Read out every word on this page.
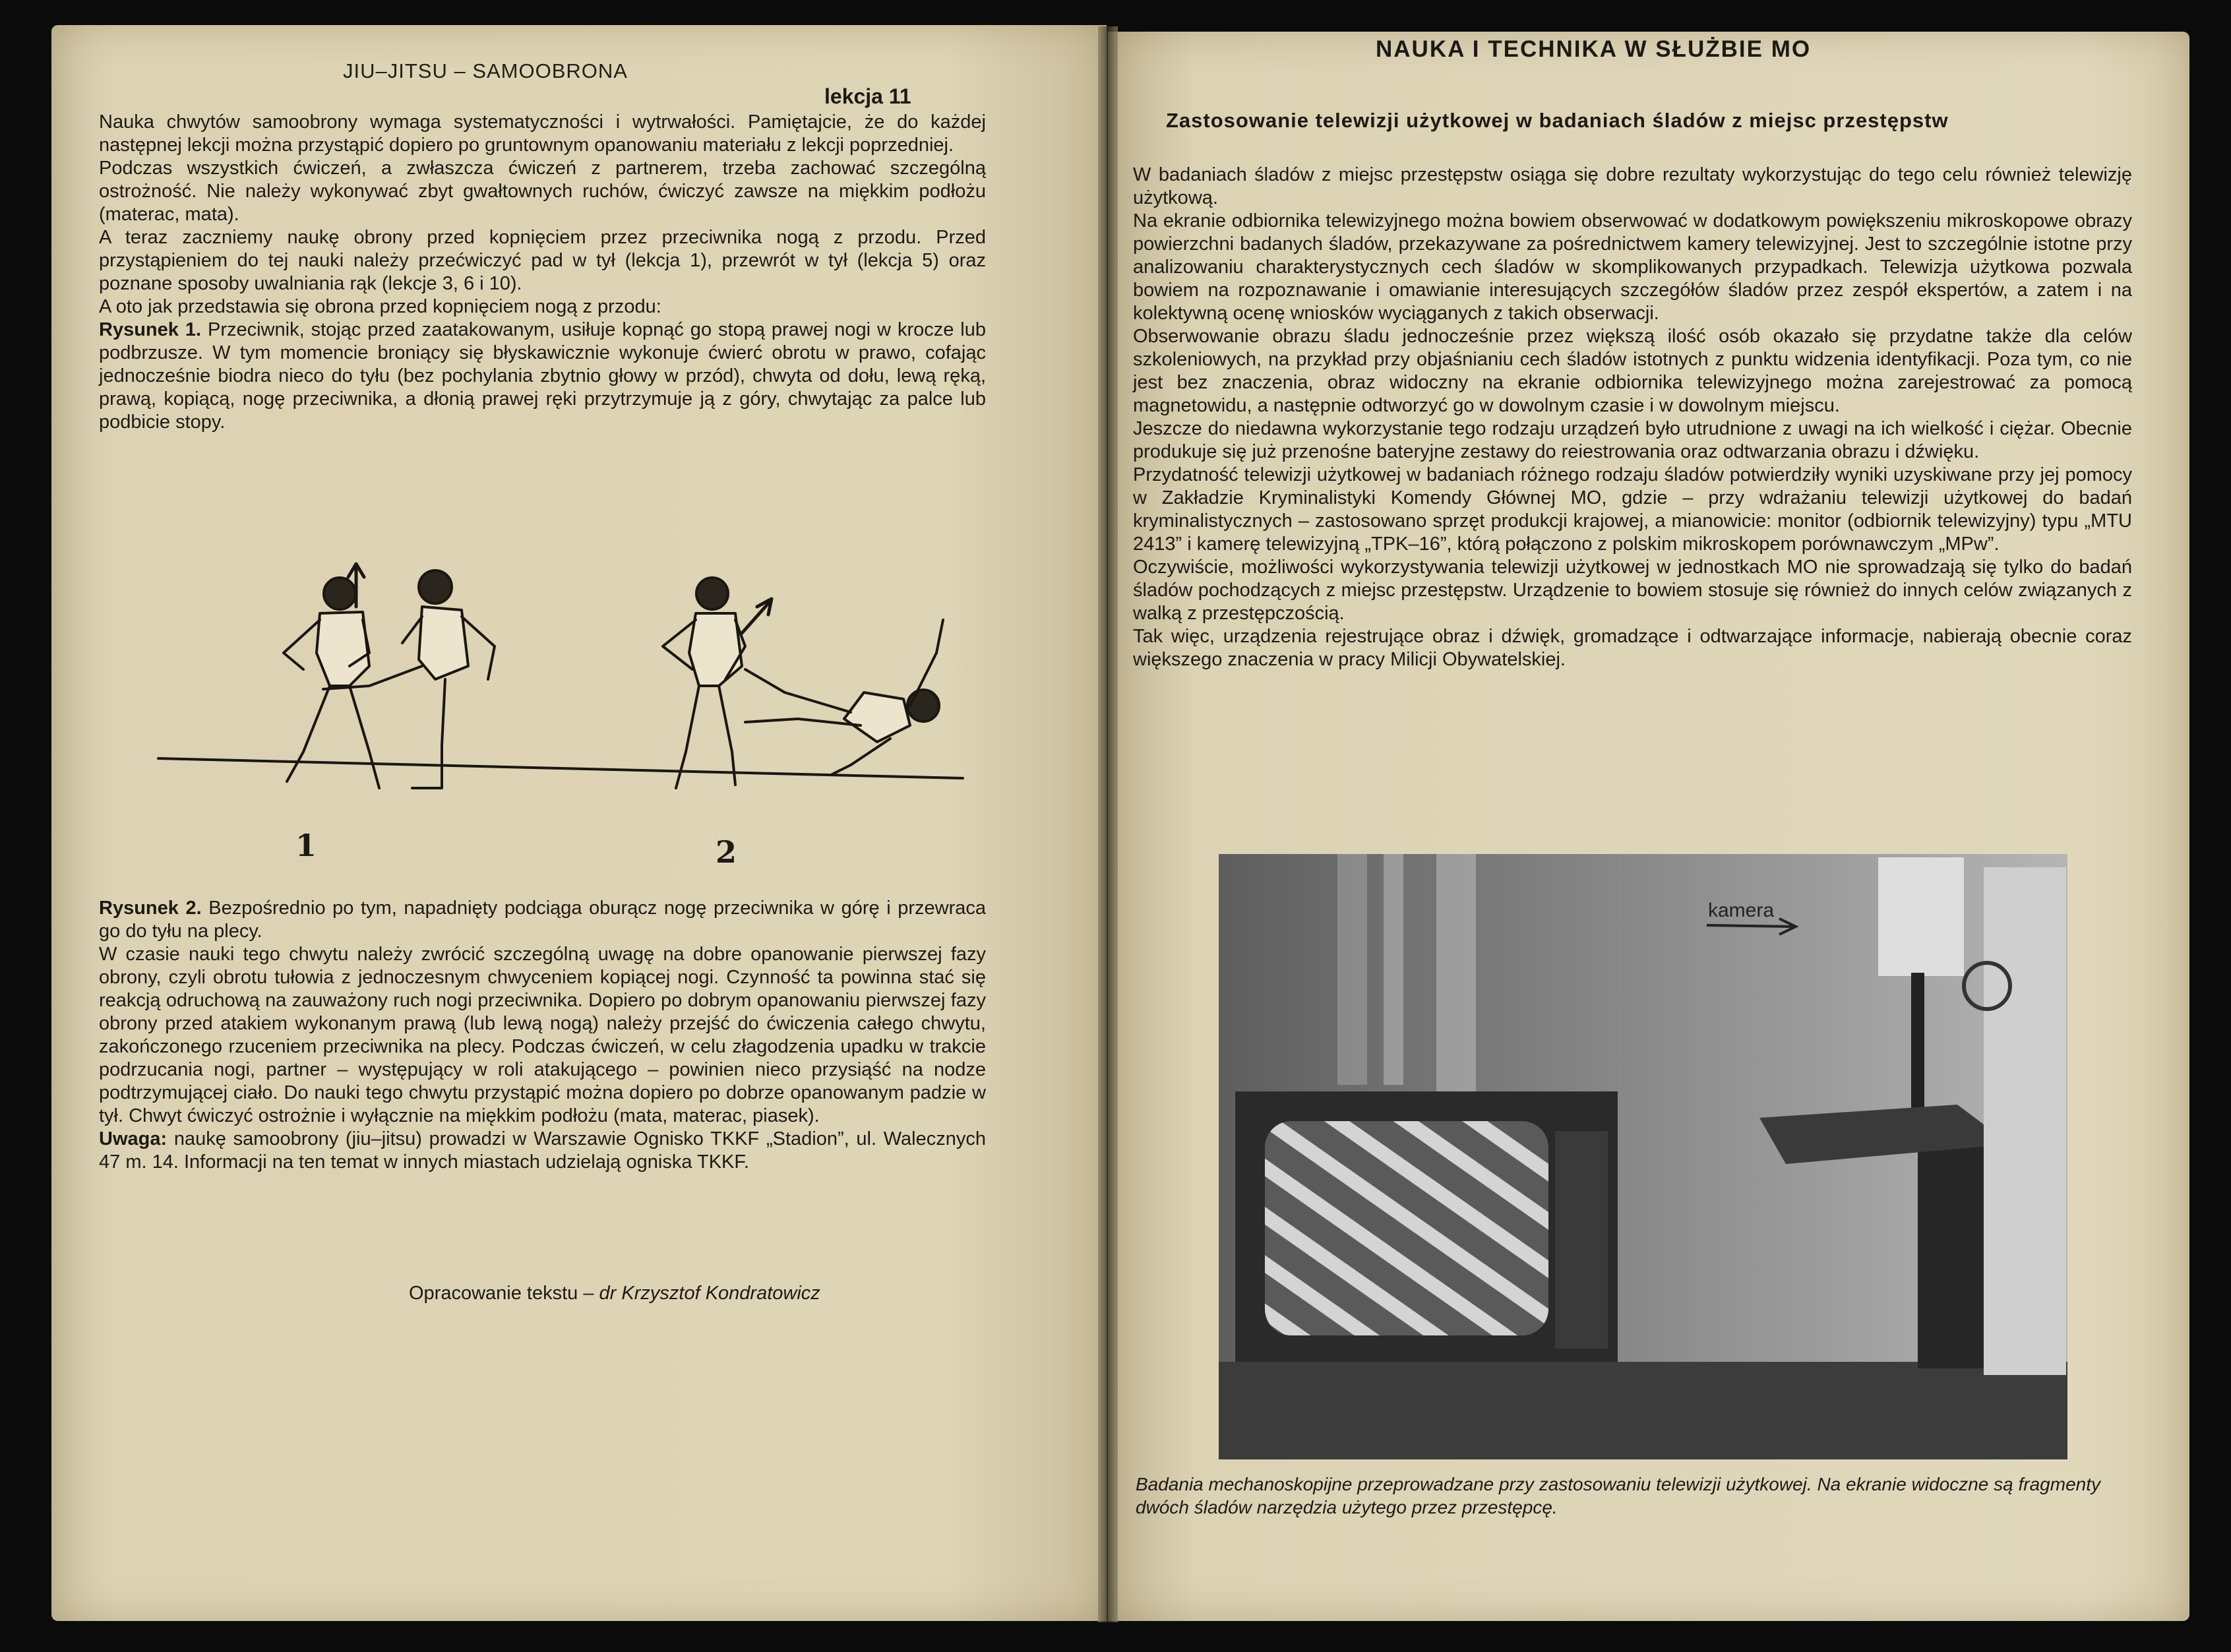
JIU–JITSU – SAMOOBRONA
lekcja 11

Nauka chwytów samoobrony wymaga systematyczności i wytrwałości. Pamiętajcie, że do każdej następnej lekcji można przystąpić dopiero po gruntownym opanowaniu materiału z lekcji poprzedniej.

Podczas wszystkich ćwiczeń, a zwłaszcza ćwiczeń z partnerem, trzeba zachować szczególną ostrożność. Nie należy wykonywać zbyt gwałtownych ruchów, ćwiczyć zawsze na miękkim podłożu (materac, mata).

A teraz zaczniemy naukę obrony przed kopnięciem przez przeciwnika nogą z przodu. Przed przystąpieniem do tej nauki należy przećwiczyć pad w tył (lekcja 1), przewrót w tył (lekcja 5) oraz poznane sposoby uwalniania rąk (lekcje 3, 6 i 10).

A oto jak przedstawia się obrona przed kopnięciem nogą z przodu:

Rysunek 1. Przeciwnik, stojąc przed zaatakowanym, usiłuje kopnąć go stopą prawej nogi w krocze lub podbrzusze. W tym momencie broniący się błyskawicznie wykonuje ćwierć obrotu w prawo, cofając jednocześnie biodra nieco do tyłu (bez pochylania zbytnio głowy w przód), chwyta od dołu, lewą ręką, prawą, kopiącą, nogę przeciwnika, a dłonią prawej ręki przytrzymuje ją z góry, chwytając za palce lub podbicie stopy.

1	2

Rysunek 2. Bezpośrednio po tym, napadnięty podciąga oburącz nogę przeciwnika w górę i przewraca go do tyłu na plecy.

W czasie nauki tego chwytu należy zwrócić szczególną uwagę na dobre opanowanie pierwszej fazy obrony, czyli obrotu tułowia z jednoczesnym chwyceniem kopiącej nogi. Czynność ta powinna stać się reakcją odruchową na zauważony ruch nogi przeciwnika. Dopiero po dobrym opanowaniu pierwszej fazy obrony przed atakiem wykonanym prawą (lub lewą nogą) należy przejść do ćwiczenia całego chwytu, zakończonego rzuceniem przeciwnika na plecy. Podczas ćwiczeń, w celu złagodzenia upadku w trakcie podrzucania nogi, partner – występujący w roli atakującego – powinien nieco przysiąść na nodze podtrzymującej ciało. Do nauki tego chwytu przystąpić można dopiero po dobrze opanowanym padzie w tył. Chwyt ćwiczyć ostrożnie i wyłącznie na miękkim podłożu (mata, materac, piasek).

Uwaga: naukę samoobrony (jiu–jitsu) prowadzi w Warszawie Ognisko TKKF „Stadion”, ul. Walecznych 47 m. 14. Informacji na ten temat w innych miastach udzielają ogniska TKKF.

Opracowanie tekstu – dr Krzysztof Kondratowicz
NAUKA I TECHNIKA W SŁUŻBIE MO
Zastosowanie telewizji użytkowej w badaniach śladów z miejsc przestępstw

W badaniach śladów z miejsc przestępstw osiąga się dobre rezultaty wykorzystując do tego celu również telewizję użytkową.

Na ekranie odbiornika telewizyjnego można bowiem obserwować w dodatkowym powiększeniu mikroskopowe obrazy powierzchni badanych śladów, przekazywane za pośrednictwem kamery telewizyjnej. Jest to szczególnie istotne przy analizowaniu charakterystycznych cech śladów w skomplikowanych przypadkach. Telewizja użytkowa pozwala bowiem na rozpoznawanie i omawianie interesujących szczegółów śladów przez zespół ekspertów, a zatem i na kolektywną ocenę wniosków wyciąganych z takich obserwacji.

Obserwowanie obrazu śladu jednocześnie przez większą ilość osób okazało się przydatne także dla celów szkoleniowych, na przykład przy objaśnianiu cech śladów istotnych z punktu widzenia identyfikacji. Poza tym, co nie jest bez znaczenia, obraz widoczny na ekranie odbiornika telewizyjnego można zarejestrować za pomocą magnetowidu, a następnie odtworzyć go w dowolnym czasie i w dowolnym miejscu.

Jeszcze do niedawna wykorzystanie tego rodzaju urządzeń było utrudnione z uwagi na ich wielkość i ciężar. Obecnie produkuje się już przenośne bateryjne zestawy do reiestrowania oraz odtwarzania obrazu i dźwięku.

Przydatność telewizji użytkowej w badaniach różnego rodzaju śladów potwierdziły wyniki uzyskiwane przy jej pomocy w Zakładzie Kryminalistyki Komendy Głównej MO, gdzie – przy wdrażaniu telewizji użytkowej do badań kryminalistycznych – zastosowano sprzęt produkcji krajowej, a mianowicie: monitor (odbiornik telewizyjny) typu „MTU 2413” i kamerę telewizyjną „TPK–16”, którą połączono z polskim mikroskopem porównawczym „MPw”.

Oczywiście, możliwości wykorzystywania telewizji użytkowej w jednostkach MO nie sprowadzają się tylko do badań śladów pochodzących z miejsc przestępstw. Urządzenie to bowiem stosuje się również do innych celów związanych z walką z przestępczością.

Tak więc, urządzenia rejestrujące obraz i dźwięk, gromadzące i odtwarzające informacje, nabierają obecnie coraz większego znaczenia w pracy Milicji Obywatelskiej.

kamera
Badania mechanoskopijne przeprowadzane przy zastosowaniu telewizji użytkowej. Na ekranie widoczne są fragmenty dwóch śladów narzędzia użytego przez przestępcę.
